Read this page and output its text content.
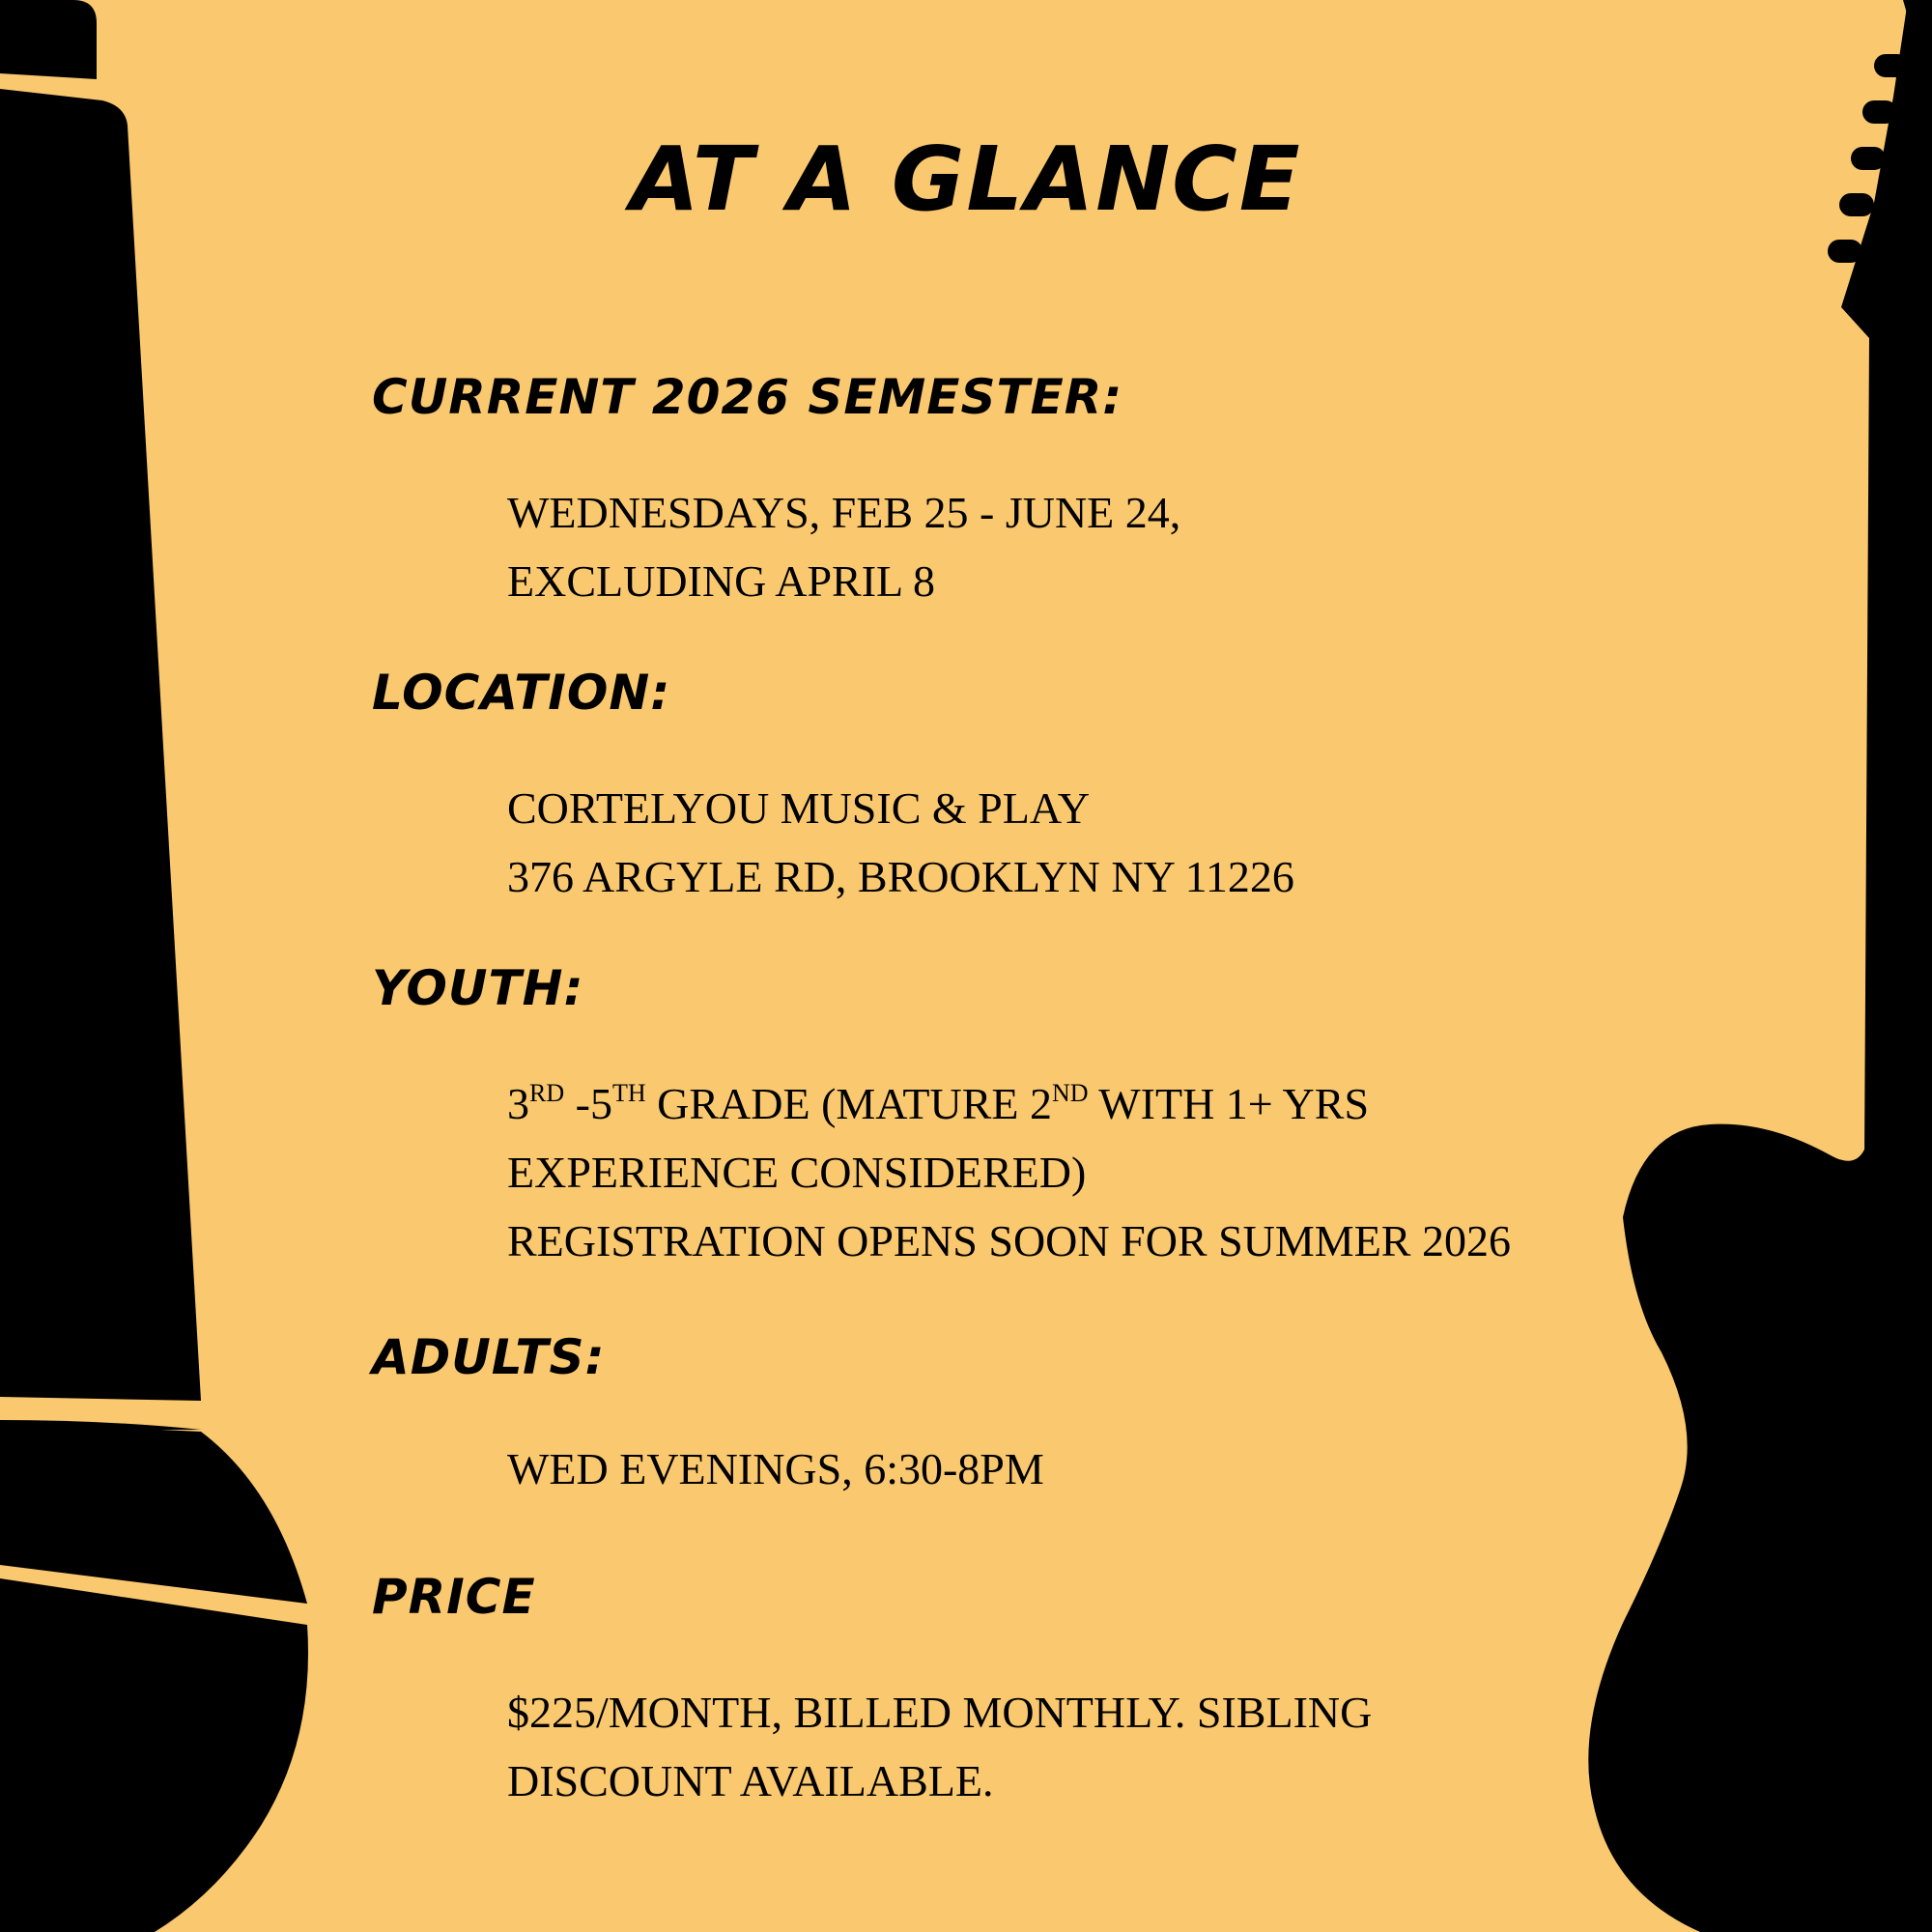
AT A GLANCE
CURRENT 2026 SEMESTER:
WEDNESDAYS, FEB 25 - JUNE 24,
EXCLUDING APRIL 8
LOCATION:
CORTELYOU MUSIC & PLAY
376 ARGYLE RD, BROOKLYN NY 11226
YOUTH:
3RD -5TH GRADE (MATURE 2ND WITH 1+ YRS
EXPERIENCE CONSIDERED)
REGISTRATION OPENS SOON FOR SUMMER 2026
ADULTS:
WED EVENINGS, 6:30-8PM
PRICE
$225/MONTH, BILLED MONTHLY. SIBLING
DISCOUNT AVAILABLE.
